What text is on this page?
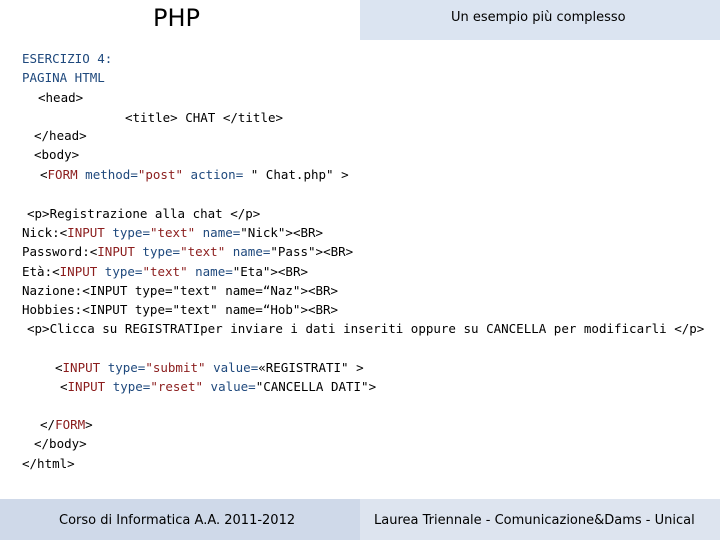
PHP	Un esempio più complesso
ESERCIZIO 4:
PAGINA HTML
<head>
<title> CHAT </title>
</head>
<body>
<FORM method="post" action= " Chat.php" >
<p>Registrazione alla chat </p>
Nick:<INPUT type="text" name="Nick"><BR>
Password:<INPUT type="text" name="Pass"><BR>
Età:<INPUT type="text" name="Eta"><BR>
Nazione:<INPUT type="text" name=“Naz"><BR>
Hobbies:<INPUT type="text" name=“Hob"><BR>
<p>Clicca su REGISTRATIper inviare i dati inseriti oppure su CANCELLA per modificarli </p>
<INPUT type="submit" value=«REGISTRATI" >
<INPUT type="reset" value="CANCELLA DATI">
</FORM>
</body>
</html>
Corso di Informatica A.A. 2011-2012	Laurea Triennale - Comunicazione&Dams - Unical
